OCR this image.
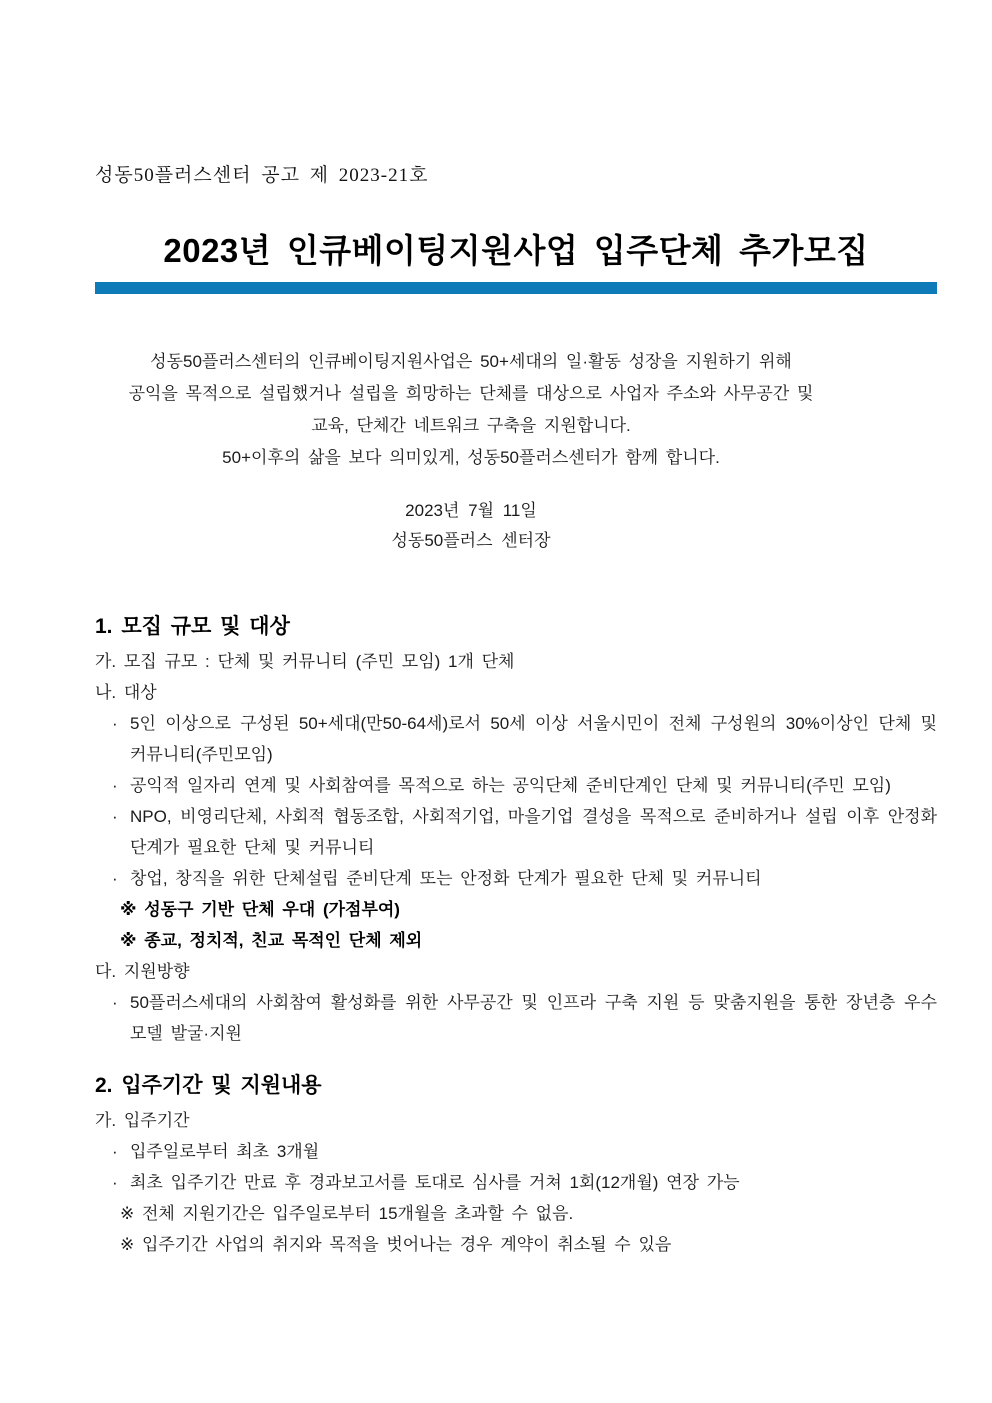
성동50플러스센터 공고 제 2023-21호
2023년 인큐베이팅지원사업 입주단체 추가모집
성동50플러스센터의 인큐베이팅지원사업은 50+세대의 일·활동 성장을 지원하기 위해
공익을 목적으로 설립했거나 설립을 희망하는 단체를 대상으로 사업자 주소와 사무공간 및
교육, 단체간 네트워크 구축을 지원합니다.
50+이후의 삶을 보다 의미있게, 성동50플러스센터가 함께 합니다.
2023년 7월 11일
성동50플러스 센터장
1. 모집 규모 및 대상
가. 모집 규모 : 단체 및 커뮤니티 (주민 모임) 1개 단체
나. 대상
· 5인 이상으로 구성된 50+세대(만50-64세)로서 50세 이상 서울시민이 전체 구성원의 30%이상인 단체 및 커뮤니티(주민모임)
· 공익적 일자리 연계 및 사회참여를 목적으로 하는 공익단체 준비단계인 단체 및 커뮤니티(주민 모임)
· NPO, 비영리단체, 사회적 협동조합, 사회적기업, 마을기업 결성을 목적으로 준비하거나 설립 이후 안정화 단계가 필요한 단체 및 커뮤니티
· 창업, 창직을 위한 단체설립 준비단계 또는 안정화 단계가 필요한 단체 및 커뮤니티
※ 성동구 기반 단체 우대 (가점부여)
※ 종교, 정치적, 친교 목적인 단체 제외
다. 지원방향
· 50플러스세대의 사회참여 활성화를 위한 사무공간 및 인프라 구축 지원 등 맞춤지원을 통한 장년층 우수 모델 발굴·지원
2. 입주기간 및 지원내용
가. 입주기간
· 입주일로부터 최초 3개월
· 최초 입주기간 만료 후 경과보고서를 토대로 심사를 거쳐 1회(12개월) 연장 가능
※ 전체 지원기간은 입주일로부터 15개월을 초과할 수 없음.
※ 입주기간 사업의 취지와 목적을 벗어나는 경우 계약이 취소될 수 있음
